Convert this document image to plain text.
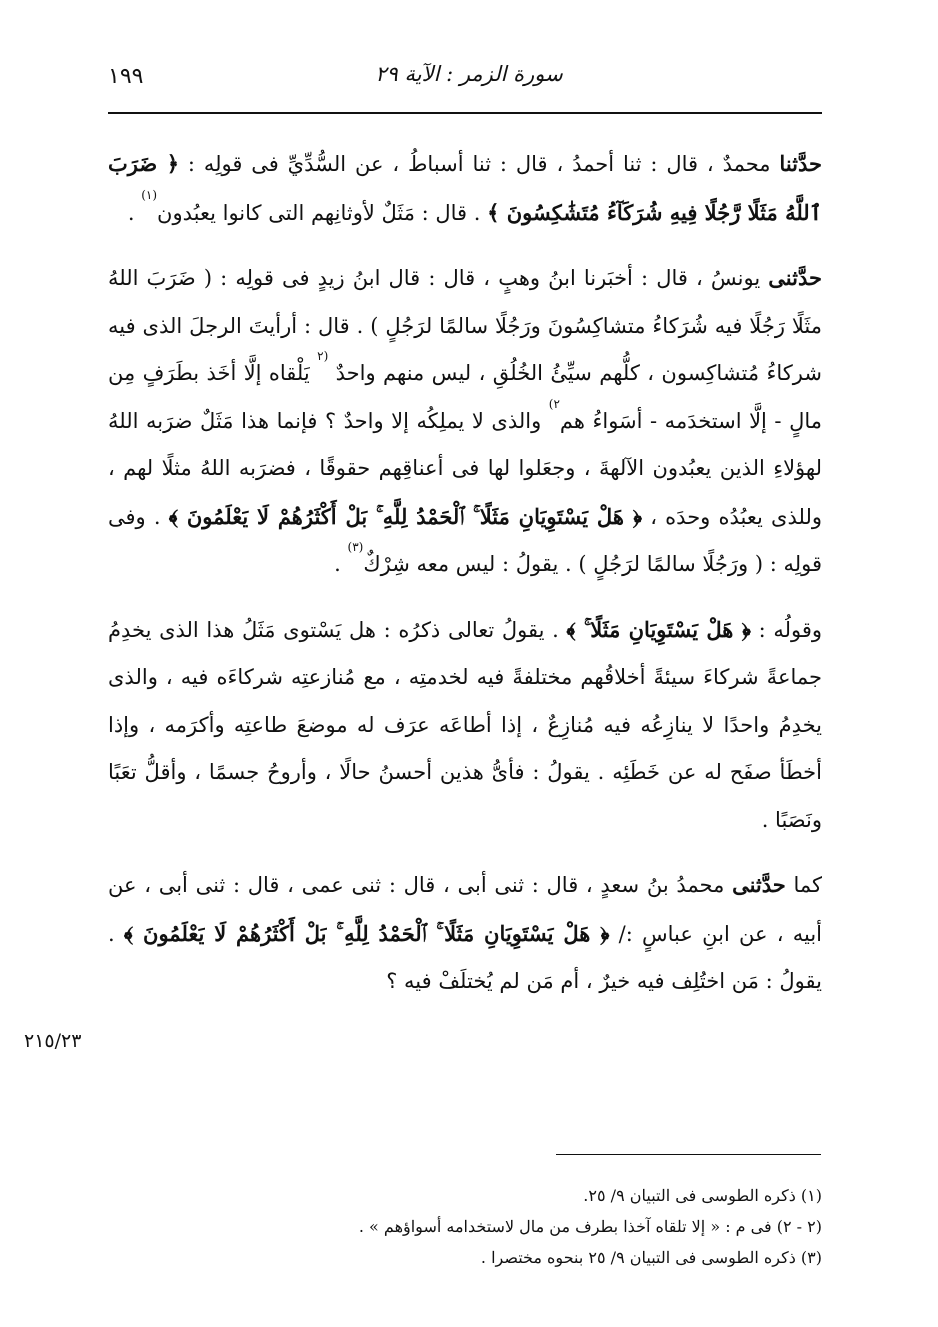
١٩٩	سورة الزمر : الآية ٢٩

حدَّثنا محمدٌ ، قال : ثنا أحمدُ ، قال : ثنا أسباطُ ، عن السُّدِّيِّ فى قولِه : ﴿ ضَرَبَ ٱللَّهُ مَثَلًا رَّجُلًا فِيهِ شُرَكَآءُ مُتَشَٰكِسُونَ ﴾ . قال : مَثَلٌ لأوثانِهم التى كانوا يعبُدون$^{(١)}$ .

حدَّثنى يونسُ ، قال : أخبَرنا ابنُ وهبٍ ، قال : قال ابنُ زيدٍ فى قولِه : ( ضَرَبَ اللهُ مثَلًا رَجُلًا فيه شُرَكاءُ متشاكِسُونَ ورَجُلًا سالمًا لرَجُلٍ ) . قال : أرأيتَ الرجلَ الذى فيه شركاءُ مُتشاكِسون ، كلُّهم سيِّئُ الخُلُقِ ، ليس منهم واحدٌ $^{(٢}$ يَلْقاه إلَّا أخَذ بطَرَفٍ مِن مالٍ - إلَّا استخدَمه - أسَواءُ هم$^{٢)}$ والذى لا يملِكُه إلا واحدٌ ؟ فإنما هذا مَثَلٌ ضرَبه اللهُ لهؤلاءِ الذين يعبُدون الآلهةَ ، وجعَلوا لها فى أعناقِهم حقوقًا ، فضرَبه اللهُ مثلًا لهم ، وللذى يعبُدُه وحدَه ، ﴿ هَلْ يَسْتَوِيَانِ مَثَلًا ۚ ٱلْحَمْدُ لِلَّهِ ۚ بَلْ أَكْثَرُهُمْ لَا يَعْلَمُونَ ﴾ . وفى قولِه : ( ورَجُلًا سالمًا لرَجُلٍ ) . يقولُ : ليس معه شِرْكٌ$^{(٣)}$ .

وقولُه : ﴿ هَلْ يَسْتَوِيَانِ مَثَلًا ۚ ﴾ . يقولُ تعالى ذكرُه : هل يَسْتوى مَثَلُ هذا الذى يخدِمُ جماعةً شركاءَ سيئةً أخلاقُهم مختلفةً فيه لخدمتِه ، مع مُنازعتِه شركاءَه فيه ، والذى يخدِمُ واحدًا لا ينازِعُه فيه مُنازِعٌ ، إذا أطاعَه عرَف له موضعَ طاعتِه وأكرَمه ، وإذا أخطَأ صفَح له عن خَطَئِه . يقولُ : فأىُّ هذين أحسنُ حالًا ، وأروحُ جسمًا ، وأقلُّ تعَبًا ونَصَبًا .

كما حدَّثنى محمدُ بنُ سعدٍ ، قال : ثنى أبى ، قال : ثنى عمى ، قال : ثنى أبى ، عن أبيه ، عن ابنِ عباسٍ :/ ﴿ هَلْ يَسْتَوِيَانِ مَثَلًا ۚ ٱلْحَمْدُ لِلَّهِ ۚ بَلْ أَكْثَرُهُمْ لَا يَعْلَمُونَ ﴾ . يقولُ : مَن اختُلِف فيه خيرٌ ، أم مَن لم يُختلَفْ فيه ؟

٢١٥/٢٣
(١) ذكره الطوسى فى التبيان ٩/ ٢٥.
(٢ - ٢) فى م : « إلا تلقاه آخذا بطرف من مال لاستخدامه أسواؤهم » .
(٣) ذكره الطوسى فى التبيان ٩/ ٢٥ بنحوه مختصرا .
